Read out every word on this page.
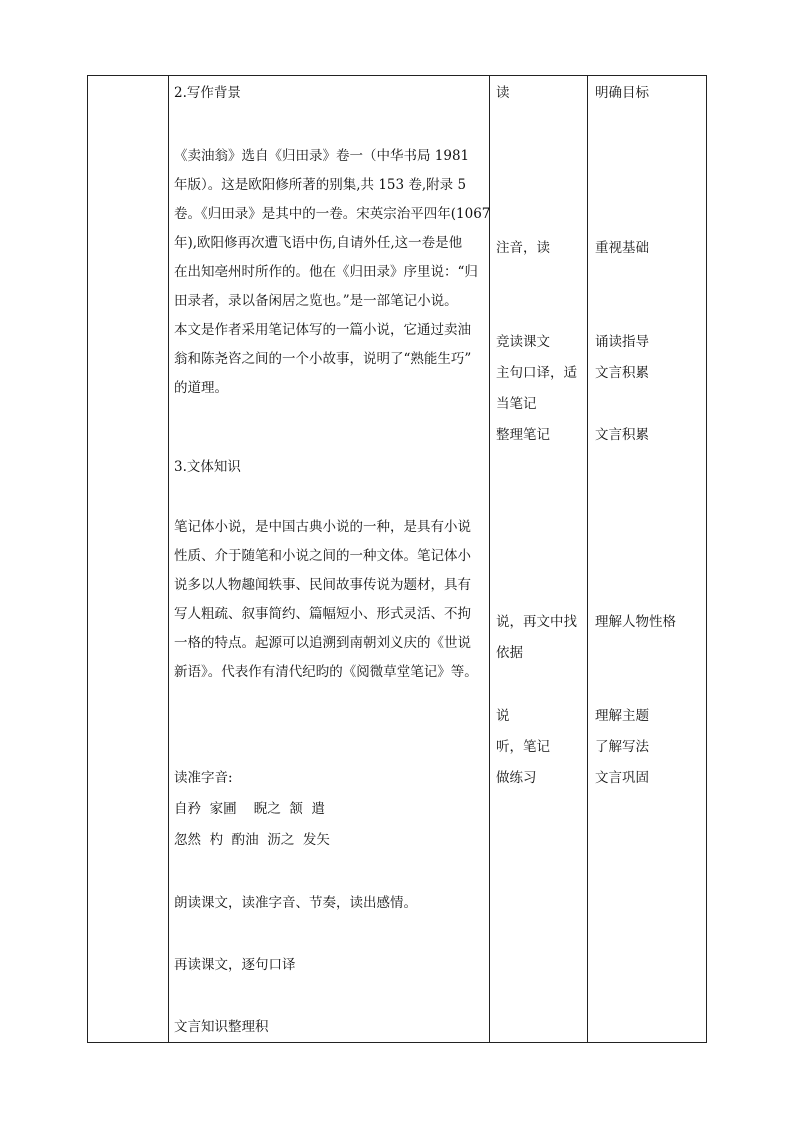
2.写作背景
《卖油翁》选自《归田录》卷一（中华书局 1981
年版）。这是欧阳修所著的别集,共 153 卷,附录 5
卷。《归田录》是其中的一卷。宋英宗治平四年(1067
年),欧阳修再次遭飞语中伤,自请外任,这一卷是他
在出知亳州时所作的。他在《归田录》序里说：“归
田录者，录以备闲居之览也。”是一部笔记小说。
本文是作者采用笔记体写的一篇小说，它通过卖油
翁和陈尧咨之间的一个小故事，说明了“熟能生巧”
的道理。
3.文体知识
笔记体小说，是中国古典小说的一种，是具有小说
性质、介于随笔和小说之间的一种文体。笔记体小
说多以人物趣闻轶事、民间故事传说为题材，具有
写人粗疏、叙事简约、篇幅短小、形式灵活、不拘
一格的特点。起源可以追溯到南朝刘义庆的《世说
新语》。代表作有清代纪昀的《阅微草堂笔记》等。
读准字音:
自矜  家圃    睨之  颔  遣
忽然  杓  酌油  沥之  发矢
朗读课文，读准字音、节奏，读出感情。
再读课文，逐句口译
文言知识整理积
读
注音，读
竞读课文
主句口译，适
当笔记
整理笔记
说，再文中找
依据
说
听，笔记
做练习
明确目标
重视基础
诵读指导
文言积累
文言积累
理解人物性格
理解主题
了解写法
文言巩固
